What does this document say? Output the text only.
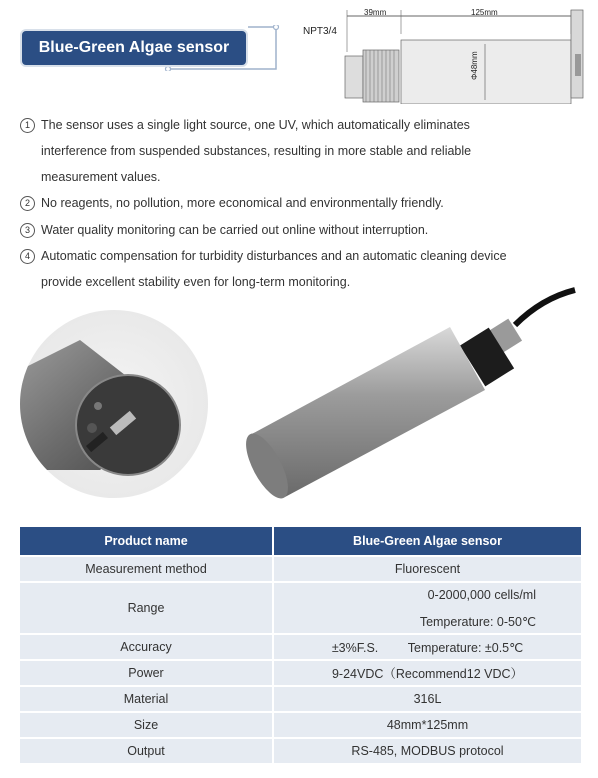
Blue-Green Algae sensor
NPT3/4
39mm	125mm
Φ48mm
1 The sensor uses a single light source, one UV, which automatically eliminates
interference from suspended substances, resulting in more stable and reliable
measurement values.
2 No reagents, no pollution, more economical and environmentally friendly.
3 Water quality monitoring can be carried out online without interruption.
4 Automatic compensation for turbidity disturbances and an automatic cleaning device
provide excellent stability even for long-term monitoring.
Product name	Blue-Green Algae sensor
Measurement method	Fluorescent
Range	0-2000,000 cells/ml
Temperature: 0-50℃

Accuracy	±3%F.S. Temperature: ±0.5℃
Power	9-24VDC（Recommend12 VDC）
Material	316L
Size	48mm*125mm
Output	RS-485, MODBUS protocol
